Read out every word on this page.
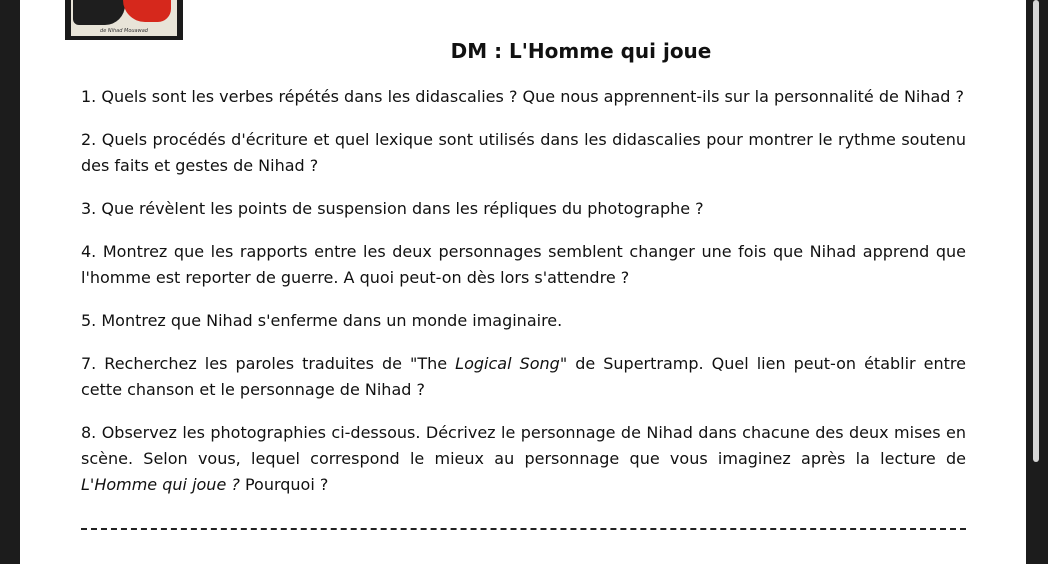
de Nihad Mouawad
DM : L'Homme qui joue

1. Quels sont les verbes répétés dans les didascalies ? Que nous apprennent-ils sur la personnalité de Nihad ?

2. Quels procédés d'écriture et quel lexique sont utilisés dans les didascalies pour montrer le rythme soutenu des faits et gestes de Nihad ?

3. Que révèlent les points de suspension dans les répliques du photographe ?

4. Montrez que les rapports entre les deux personnages semblent changer une fois que Nihad apprend que l'homme est reporter de guerre. A quoi peut-on dès lors s'attendre ?

5. Montrez que Nihad s'enferme dans un monde imaginaire.

7. Recherchez les paroles traduites de "The Logical Song" de Supertramp. Quel lien peut-on établir entre cette chanson et le personnage de Nihad ?

8. Observez les photographies ci-dessous. Décrivez le personnage de Nihad dans chacune des deux mises en scène. Selon vous, lequel correspond le mieux au personnage que vous imaginez après la lecture de L'Homme qui joue ? Pourquoi ?
